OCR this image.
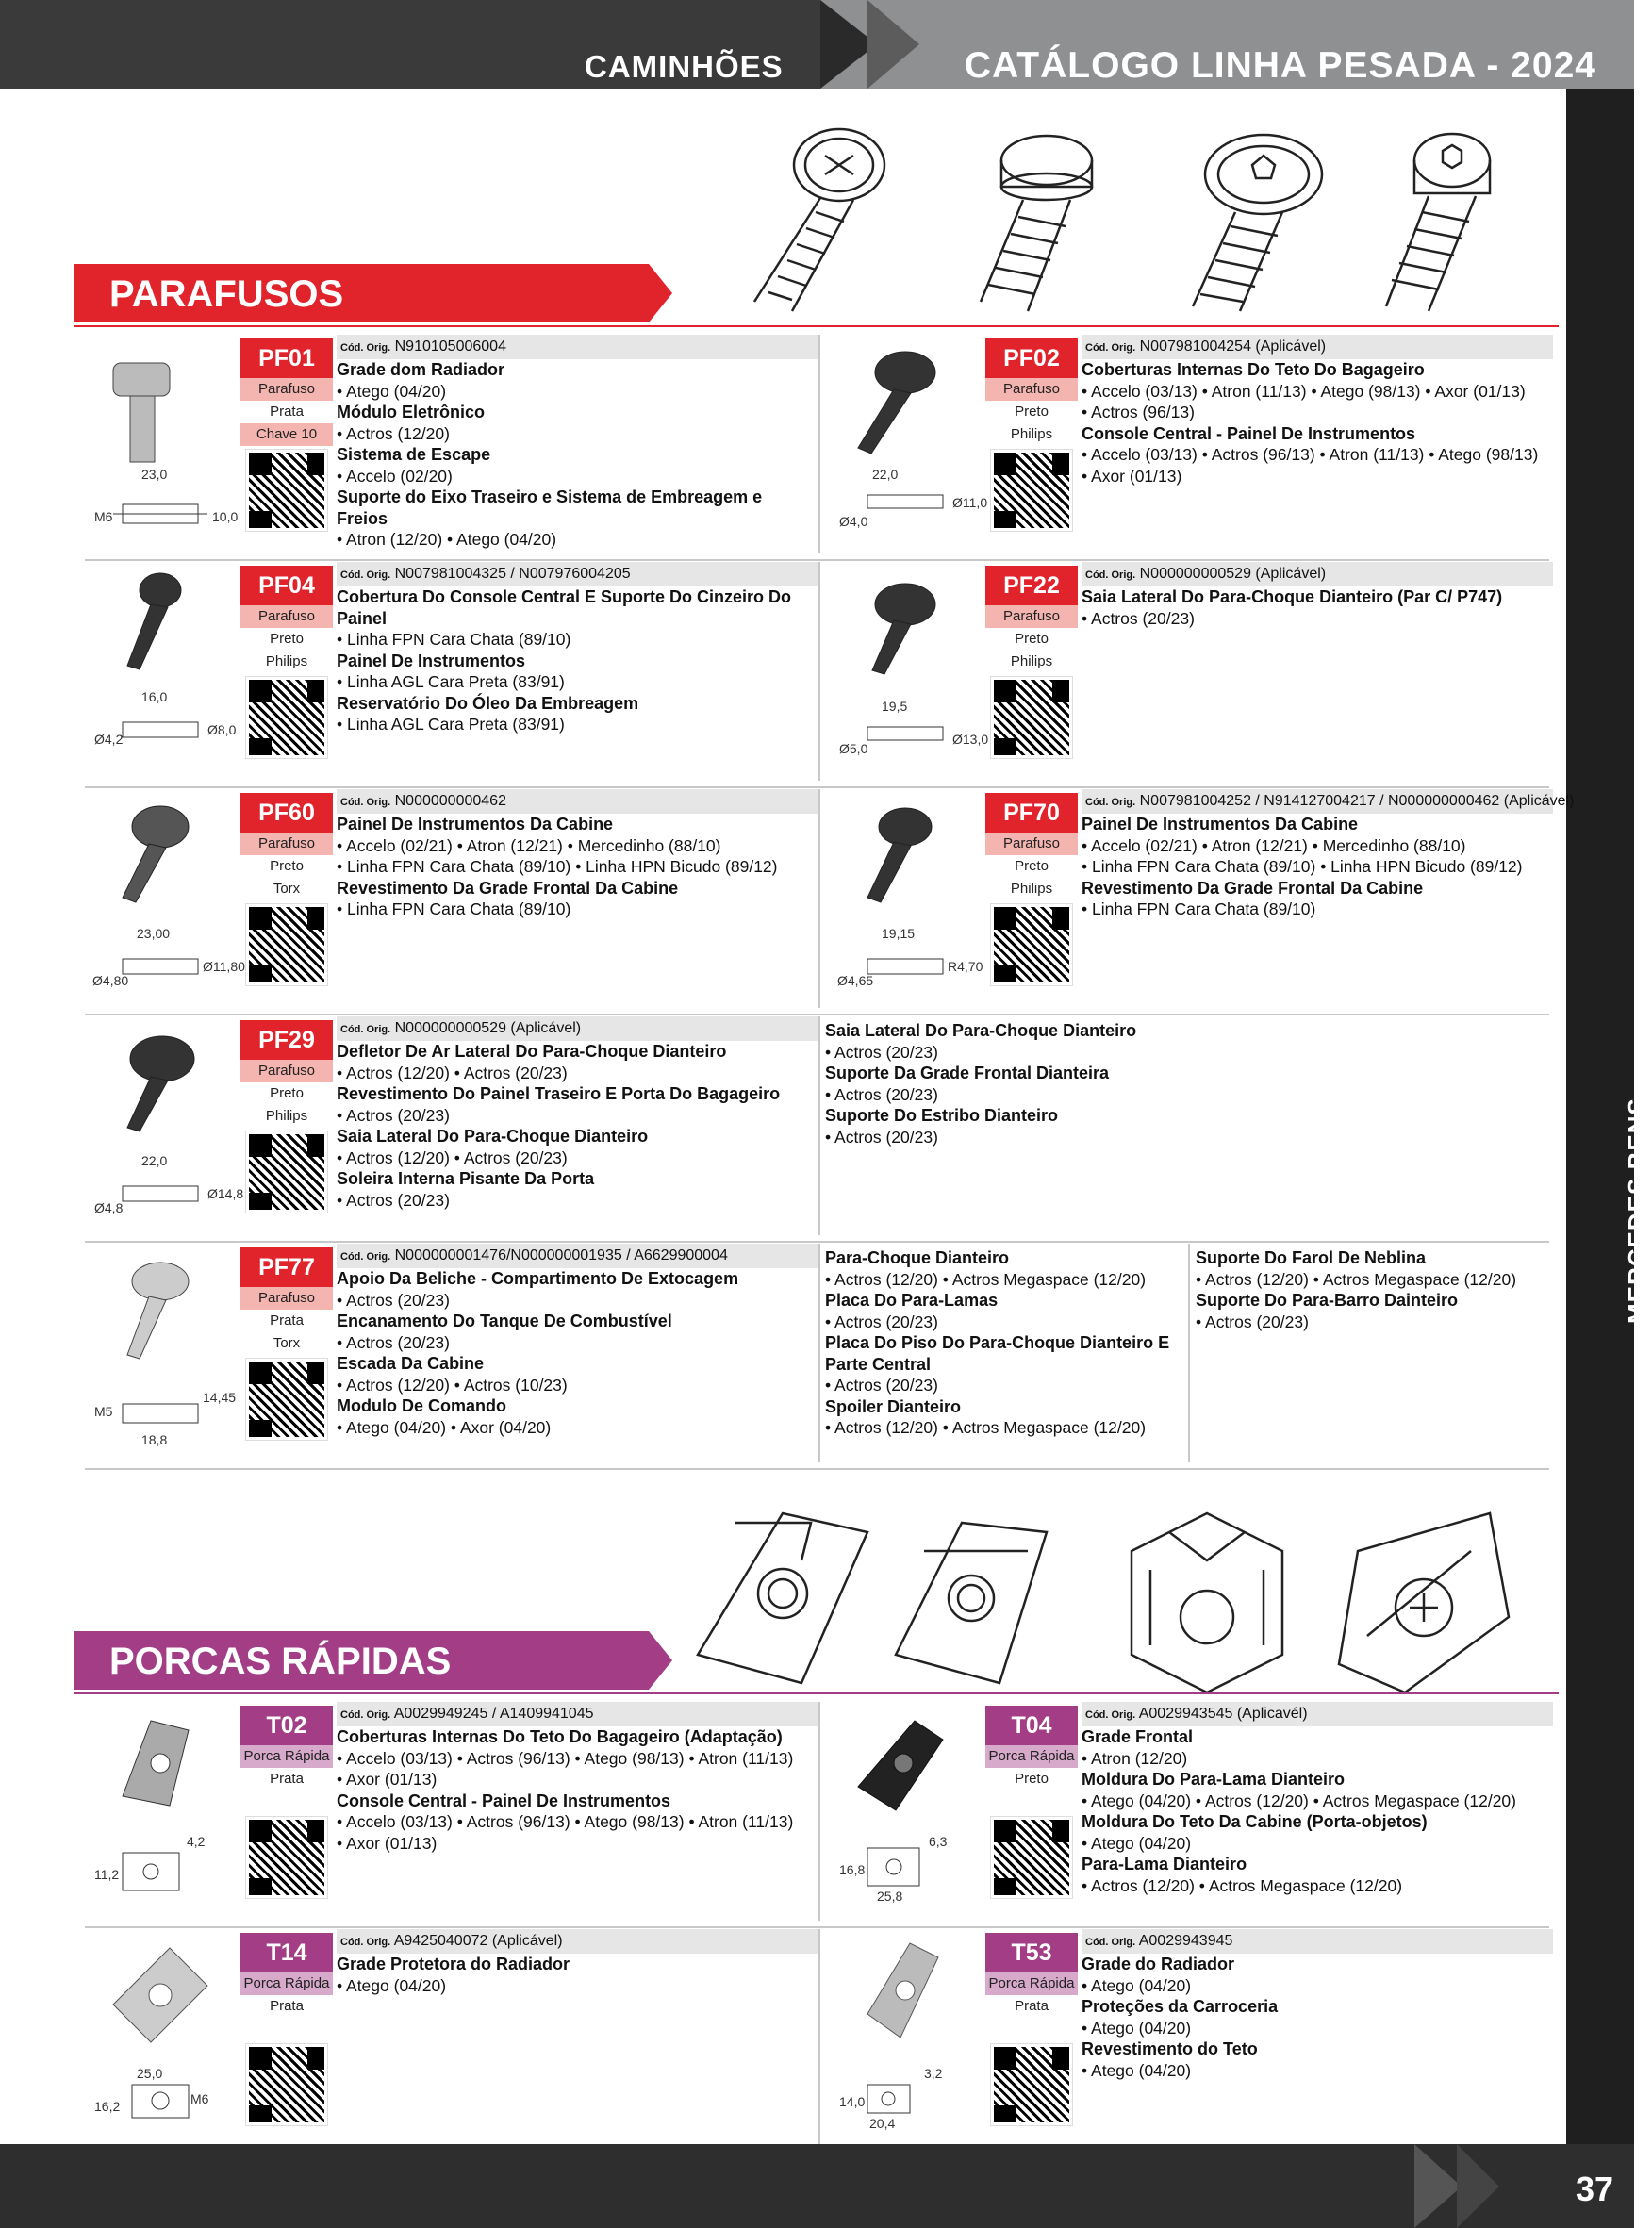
CAMINHÕES	CATÁLOGO LINHA PESADA - 2024
MERCEDES BENS
PARAFUSOS
23,0
M6	10,0
PF01
Parafuso
Prata
Chave 10
Cód. Orig. N910105006004
Grade dom Radiador
• Atego (04/20)
Módulo Eletrônico
• Actros (12/20)
Sistema de Escape
• Accelo (02/20)
Suporte do Eixo Traseiro e Sistema de Embreagem e Freios
• Atron (12/20) • Atego (04/20)
22,0
Ø4,0
Ø11,0
PF02
Parafuso
Preto
Philips
Cód. Orig. N007981004254 (Aplicável)
Coberturas Internas Do Teto Do Bagageiro
• Accelo (03/13) • Atron (11/13) • Atego (98/13) • Axor (01/13)
• Actros (96/13)
Console Central - Painel De Instrumentos
• Accelo (03/13) • Actros (96/13) • Atron (11/13) • Atego (98/13)
• Axor (01/13)
16,0
Ø4,2
Ø8,0
PF04
Parafuso
Preto
Philips
Cód. Orig. N007981004325 / N007976004205
Cobertura Do Console Central E Suporte Do Cinzeiro Do Painel
• Linha FPN Cara Chata (89/10)
Painel De Instrumentos
• Linha AGL Cara Preta (83/91)
Reservatório Do Óleo Da Embreagem
• Linha AGL Cara Preta (83/91)
19,5
Ø5,0
Ø13,0
PF22
Parafuso
Preto
Philips
Cód. Orig. N000000000529 (Aplicável)
Saia Lateral Do Para-Choque Dianteiro (Par C/ P747)
• Actros (20/23)
23,00
Ø4,80
Ø11,80
PF60
Parafuso
Preto
Torx
Cód. Orig. N000000000462
Painel De Instrumentos Da Cabine
• Accelo (02/21) • Atron (12/21) • Mercedinho (88/10)
• Linha FPN Cara Chata (89/10) • Linha HPN Bicudo (89/12)
Revestimento Da Grade Frontal Da Cabine
• Linha FPN Cara Chata (89/10)
19,15
Ø4,65
R4,70
PF70
Parafuso
Preto
Philips
Cód. Orig. N007981004252 / N914127004217 / N000000000462 (Aplicável)
Painel De Instrumentos Da Cabine
• Accelo (02/21) • Atron (12/21) • Mercedinho (88/10)
• Linha FPN Cara Chata (89/10) • Linha HPN Bicudo (89/12)
Revestimento Da Grade Frontal Da Cabine
• Linha FPN Cara Chata (89/10)
22,0
Ø4,8
Ø14,8
PF29
Parafuso
Preto
Philips
Cód. Orig. N000000000529 (Aplicável)
Defletor De Ar Lateral Do Para-Choque Dianteiro
• Actros (12/20) • Actros (20/23)
Revestimento Do Painel Traseiro E Porta Do Bagageiro
• Actros (20/23)
Saia Lateral Do Para-Choque Dianteiro
• Actros (12/20) • Actros (20/23)
Soleira Interna Pisante Da Porta
• Actros (20/23)
Saia Lateral Do Para-Choque Dianteiro
• Actros (20/23)
Suporte Da Grade Frontal Dianteira
• Actros (20/23)
Suporte Do Estribo Dianteiro
• Actros (20/23)
18,8
M5
14,45
PF77
Parafuso
Prata
Torx
Cód. Orig. N000000001476/N000000001935 / A6629900004
Apoio Da Beliche - Compartimento De Extocagem
• Actros (20/23)
Encanamento Do Tanque De Combustível
• Actros (20/23)
Escada Da Cabine
• Actros (12/20) • Actros (10/23)
Modulo De Comando
• Atego (04/20) • Axor (04/20)
Para-Choque Dianteiro
• Actros (12/20) • Actros Megaspace (12/20)
Placa Do Para-Lamas
• Actros (20/23)
Placa Do Piso Do Para-Choque Dianteiro E Parte Central
• Actros (20/23)
Spoiler Dianteiro
• Actros (12/20) • Actros Megaspace (12/20)
Suporte Do Farol De Neblina
• Actros (12/20) • Actros Megaspace (12/20)
Suporte Do Para-Barro Dainteiro
• Actros (20/23)
PORCAS RÁPIDAS
4,2
11,2
T02
Porca Rápida
Prata
Cód. Orig. A0029949245 / A1409941045
Coberturas Internas Do Teto Do Bagageiro (Adaptação)
• Accelo (03/13) • Actros (96/13) • Atego (98/13) • Atron (11/13)
• Axor (01/13)
Console Central - Painel De Instrumentos
• Accelo (03/13) • Actros (96/13) • Atego (98/13) • Atron (11/13)
• Axor (01/13)	6,3
16,8
25,8
T04
Porca Rápida
Preto
Cód. Orig. A0029943545 (Aplicavél)
Grade Frontal
• Atron (12/20)
Moldura Do Para-Lama Dianteiro
• Atego (04/20) • Actros (12/20) • Actros Megaspace (12/20)
Moldura Do Teto Da Cabine (Porta-objetos)
• Atego (04/20)
Para-Lama Dianteiro
• Actros (12/20) • Actros Megaspace (12/20)
25,0
16,2	M6
T14
Porca Rápida
Prata
Cód. Orig. A9425040072 (Aplicável)
Grade Protetora do Radiador
• Atego (04/20)
3,2
14,0
20,4
T53
Porca Rápida
Prata
Cód. Orig. A0029943945
Grade do Radiador
• Atego (04/20)
Proteções da Carroceria
• Atego (04/20)
Revestimento do Teto
• Atego (04/20)
37
